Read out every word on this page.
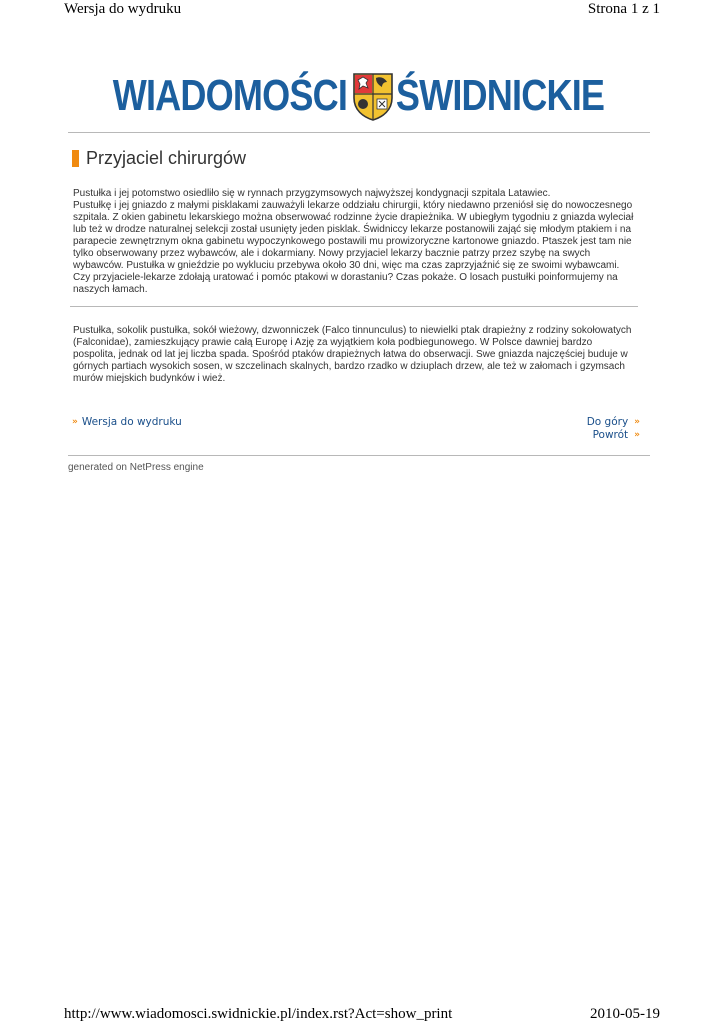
Wersja do wydruku	Strona 1 z 1
WIADOMOŚCI ŚWIDNICKIE
Przyjaciel chirurgów

Pustułka i jej potomstwo osiedliło się w rynnach przygzymsowych najwyższej kondygnacji szpitala Latawiec.

Pustułkę i jej gniazdo z małymi pisklakami zauważyli lekarze oddziału chirurgii, który niedawno przeniósł się do nowoczesnego

szpitala. Z okien gabinetu lekarskiego można obserwować rodzinne życie drapieżnika. W ubiegłym tygodniu z gniazda wyleciał

lub też w drodze naturalnej selekcji został usunięty jeden pisklak. Świdniccy lekarze postanowili zająć się młodym ptakiem i na

parapecie zewnętrznym okna gabinetu wypoczynkowego postawili mu prowizoryczne kartonowe gniazdo. Ptaszek jest tam nie

tylko obserwowany przez wybawców, ale i dokarmiany. Nowy przyjaciel lekarzy bacznie patrzy przez szybę na swych

wybawców. Pustułka w gnieździe po wykluciu przebywa około 30 dni, więc ma czas zaprzyjaźnić się ze swoimi wybawcami.

Czy przyjaciele-lekarze zdołają uratować i pomóc ptakowi w dorastaniu? Czas pokaże. O losach pustułki poinformujemy na

naszych łamach.

Pustułka, sokolik pustułka, sokół wieżowy, dzwonniczek (Falco tinnunculus) to niewielki ptak drapieżny z rodziny sokołowatych

(Falconidae), zamieszkujący prawie całą Europę i Azję za wyjątkiem koła podbiegunowego. W Polsce dawniej bardzo

pospolita, jednak od lat jej liczba spada. Spośród ptaków drapieżnych łatwa do obserwacji. Swe gniazda najczęściej buduje w

górnych partiach wysokich sosen, w szczelinach skalnych, bardzo rzadko w dziuplach drzew, ale też w załomach i gzymsach

murów miejskich budynków i wież.

» Wersja do wydruku	Do góry »
Powrót »
generated on NetPress engine
http://www.wiadomosci.swidnickie.pl/index.rst?Act=show_print	2010-05-19
